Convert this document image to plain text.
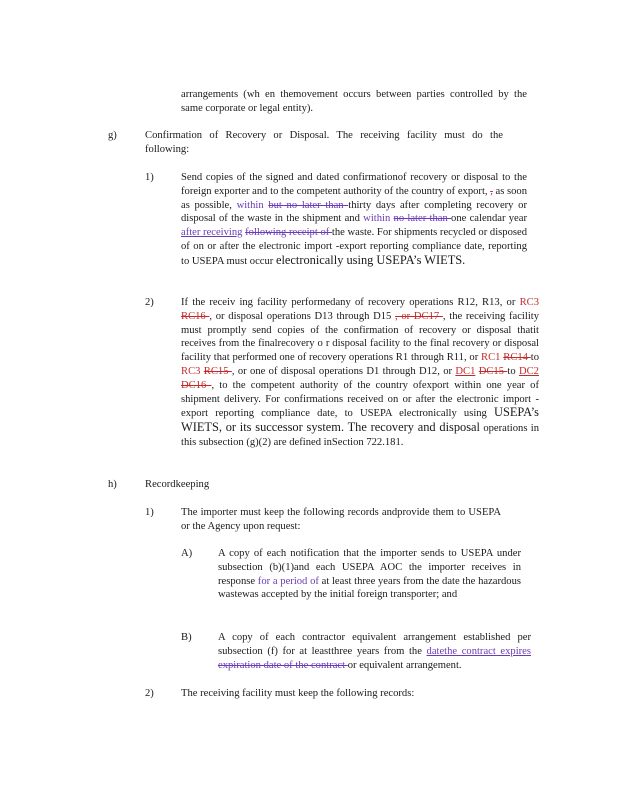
arrangements (wh en themovement occurs between parties controlled by the same corporate or legal entity).
g)	Confirmation of Recovery or Disposal. The receiving facility must do the following:
1)	Send copies of the signed and dated confirmationof recovery or disposal to the foreign exporter and to the competent authority of the country of export, , as soon as possible, within but no later than thirty days after completing recovery or disposal of the waste in the shipment and within no later than one calendar year after receiving following receipt of the waste. For shipments recycled or disposed of on or after the electronic import -export reporting compliance date, reporting to USEPA must occur electronically using USEPA’s WIETS.
2)	If the receiv ing facility performedany of recovery operations R12, R13, or RC3 RC16 , or disposal operations D13 through D15 , or DC17 , the receiving facility must promptly send copies of the confirmation of recovery or disposal thatit receives from the finalrecovery o r disposal facility to the final recovery or disposal facility that performed one of recovery operations R1 through R11, or RC1 RC14 to RC3 RC15 , or one of disposal operations D1 through D12, or DC1 DC15 to DC2 DC16 , to the competent authority of the country ofexport within one year of shipment delivery. For confirmations received on or after the electronic import - export reporting compliance date, to USEPA electronically using USEPA’s WIETS, or its successor system. The recovery and disposal operations in this subsection (g)(2) are defined inSection 722.181.
h)	Recordkeeping
1)	The importer must keep the following records andprovide them to USEPA or the Agency upon request:
A) A copy of each notification that the importer sends to USEPA under subsection (b)(1)and each USEPA AOC the importer receives in response for a period of at least three years from the date the hazardous wastewas accepted by the initial foreign transporter; and
B) A copy of each contractor equivalent arrangement established per subsection (f) for at leastthree years from the datethe contract expires expiration date of the contract or equivalent arrangement.
2)	The receiving facility must keep the following records:
